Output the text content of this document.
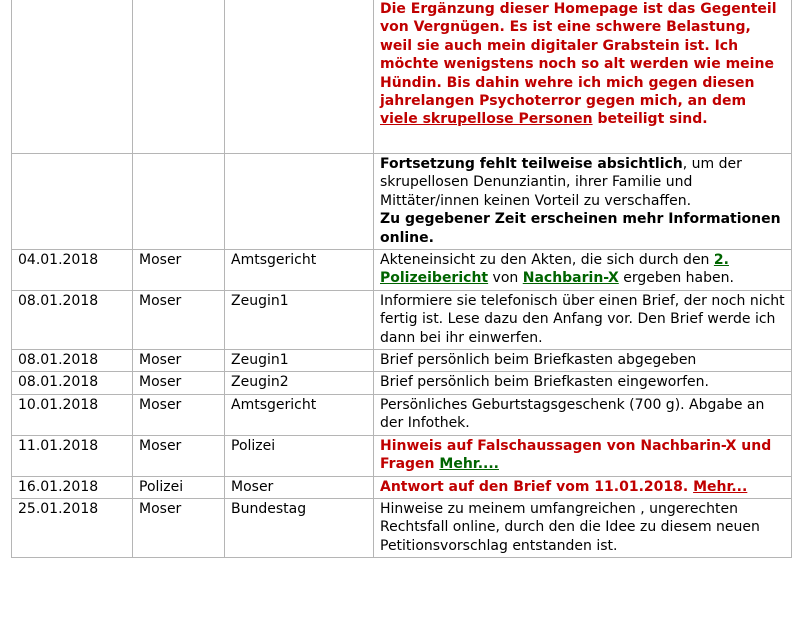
			Die Ergänzung dieser Homepage ist das Gegenteil von Vergnügen. Es ist eine schwere Belastung, weil sie auch mein digitaler Grabstein ist. Ich möchte wenigstens noch so alt werden wie meine Hündin. Bis dahin wehre ich mich gegen diesen jahrelangen Psychoterror gegen mich, an dem viele skrupellose Personen beteiligt sind.
			Fortsetzung fehlt teilweise absichtlich, um der skrupellosen Denunziantin, ihrer Familie und Mittäter/innen keinen Vorteil zu verschaffen.
Zu gegebener Zeit erscheinen mehr Informationen online.
04.01.2018	Moser	Amtsgericht	Akteneinsicht zu den Akten, die sich durch den 2. Polizeibericht von Nachbarin-X ergeben haben.
08.01.2018	Moser	Zeugin1	Informiere sie telefonisch über einen Brief, der noch nicht fertig ist. Lese dazu den Anfang vor. Den Brief werde ich dann bei ihr einwerfen.
08.01.2018	Moser	Zeugin1	Brief persönlich beim Briefkasten abgegeben
08.01.2018	Moser	Zeugin2	Brief persönlich beim Briefkasten eingeworfen.
10.01.2018	Moser	Amtsgericht	Persönliches Geburtstagsgeschenk (700 g). Abgabe an der Infothek.
11.01.2018	Moser	Polizei	Hinweis auf Falschaussagen von Nachbarin-X und Fragen Mehr....
16.01.2018	Polizei	Moser	Antwort auf den Brief vom 11.01.2018. Mehr...
25.01.2018	Moser	Bundestag	Hinweise zu meinem umfangreichen , ungerechten Rechtsfall online, durch den die Idee zu diesem neuen Petitionsvorschlag entstanden ist.
